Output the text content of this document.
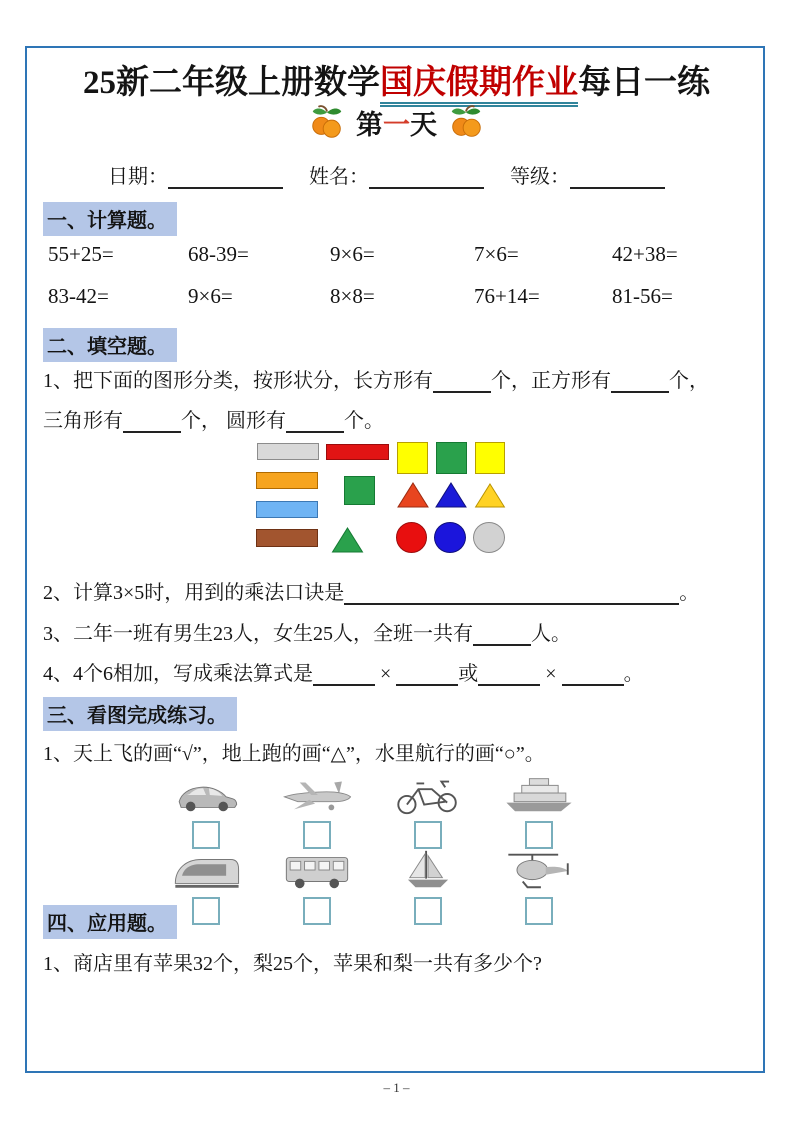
25新二年级上册数学国庆假期作业每日一练
第一天
日期：	姓名：	等级：
一、计算题。
55+25=	68-39=	9×6=	7×6=	42+38=
83-42=	9×6=	8×8=	76+14=	81-56=
二、填空题。
1、把下面的图形分类，按形状分，长方形有	个，正方形有	个，
三角形有	个， 圆形有	个。
2、计算3×5时，用到的乘法口诀是	。
3、二年一班有男生23人，女生25人，全班一共有	人。
4、4个6相加，写成乘法算式是	×	或	×	。
三、看图完成练习。
1、天上飞的画“√”，地上跑的画“△”，水里航行的画“○”。
四、应用题。
1、商店里有苹果32个，梨25个，苹果和梨一共有多少个?
– 1 –
